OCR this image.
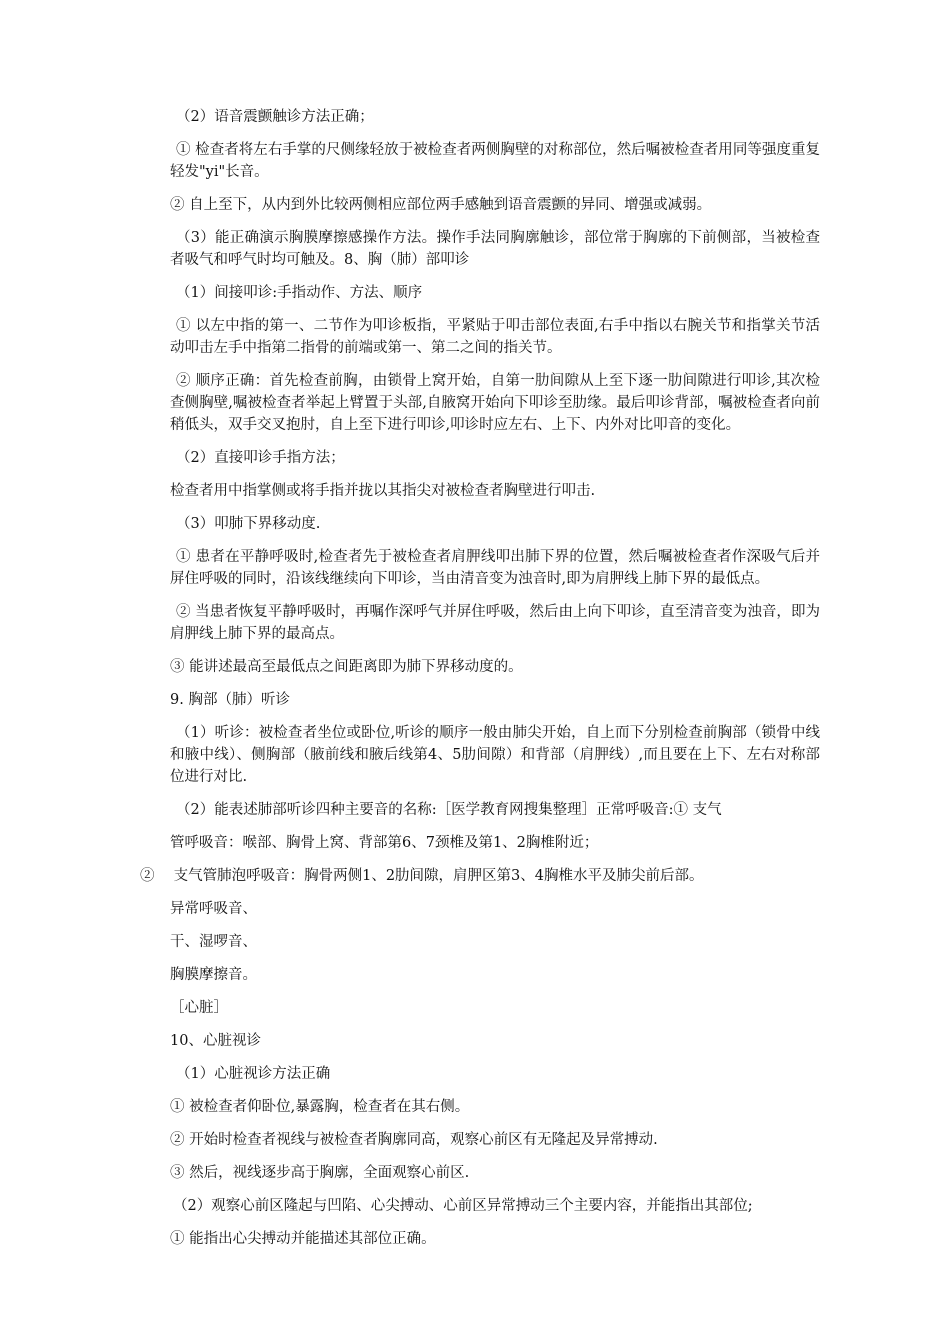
（2）语音震颤触诊方法正确；

① 检查者将左右手掌的尺侧缘轻放于被检查者两侧胸壁的对称部位，然后嘱被检查者用同等强度重复轻发"yi"长音。

② 自上至下，从内到外比较两侧相应部位两手感触到语音震颤的异同、增强或减弱。

（3）能正确演示胸膜摩擦感操作方法。操作手法同胸廓触诊，部位常于胸廓的下前侧部，当被检查者吸气和呼气时均可触及。8、胸（肺）部叩诊

（1）间接叩诊:手指动作、方法、顺序

① 以左中指的第一、二节作为叩诊板指，平紧贴于叩击部位表面,右手中指以右腕关节和指掌关节活动叩击左手中指第二指骨的前端或第一、第二之间的指关节。

② 顺序正确：首先检查前胸，由锁骨上窝开始，自第一肋间隙从上至下逐一肋间隙进行叩诊,其次检查侧胸壁,嘱被检查者举起上臂置于头部,自腋窝开始向下叩诊至肋缘。最后叩诊背部，嘱被检查者向前稍低头，双手交叉抱肘，自上至下进行叩诊,叩诊时应左右、上下、内外对比叩音的变化。

（2）直接叩诊手指方法；

检查者用中指掌侧或将手指并拢以其指尖对被检查者胸壁进行叩击.

（3）叩肺下界移动度.

① 患者在平静呼吸时,检查者先于被检查者肩胛线叩出肺下界的位置，然后嘱被检查者作深吸气后并屏住呼吸的同时，沿该线继续向下叩诊，当由清音变为浊音时,即为肩胛线上肺下界的最低点。

② 当患者恢复平静呼吸时，再嘱作深呼气并屏住呼吸，然后由上向下叩诊，直至清音变为浊音，即为肩胛线上肺下界的最高点。

③ 能讲述最高至最低点之间距离即为肺下界移动度的。

9. 胸部（肺）听诊

（1）听诊：被检查者坐位或卧位,听诊的顺序一般由肺尖开始，自上而下分别检查前胸部（锁骨中线和腋中线）、侧胸部（腋前线和腋后线第4、5肋间隙）和背部（肩胛线）,而且要在上下、左右对称部位进行对比.

（2）能表述肺部听诊四种主要音的名称:［医学教育网搜集整理］正常呼吸音:① 支气

管呼吸音：喉部、胸骨上窝、背部第6、7颈椎及第1、2胸椎附近；

②　 支气管肺泡呼吸音：胸骨两侧1、2肋间隙，肩胛区第3、4胸椎水平及肺尖前后部。

异常呼吸音、

干、湿啰音、

胸膜摩擦音。

［心脏］

10、心脏视诊

（1）心脏视诊方法正确

① 被检查者仰卧位,暴露胸，检查者在其右侧。

② 开始时检查者视线与被检查者胸廓同高，观察心前区有无隆起及异常搏动.

③ 然后，视线逐步高于胸廓，全面观察心前区.

（2）观察心前区隆起与凹陷、心尖搏动、心前区异常搏动三个主要内容，并能指出其部位;

① 能指出心尖搏动并能描述其部位正确。
